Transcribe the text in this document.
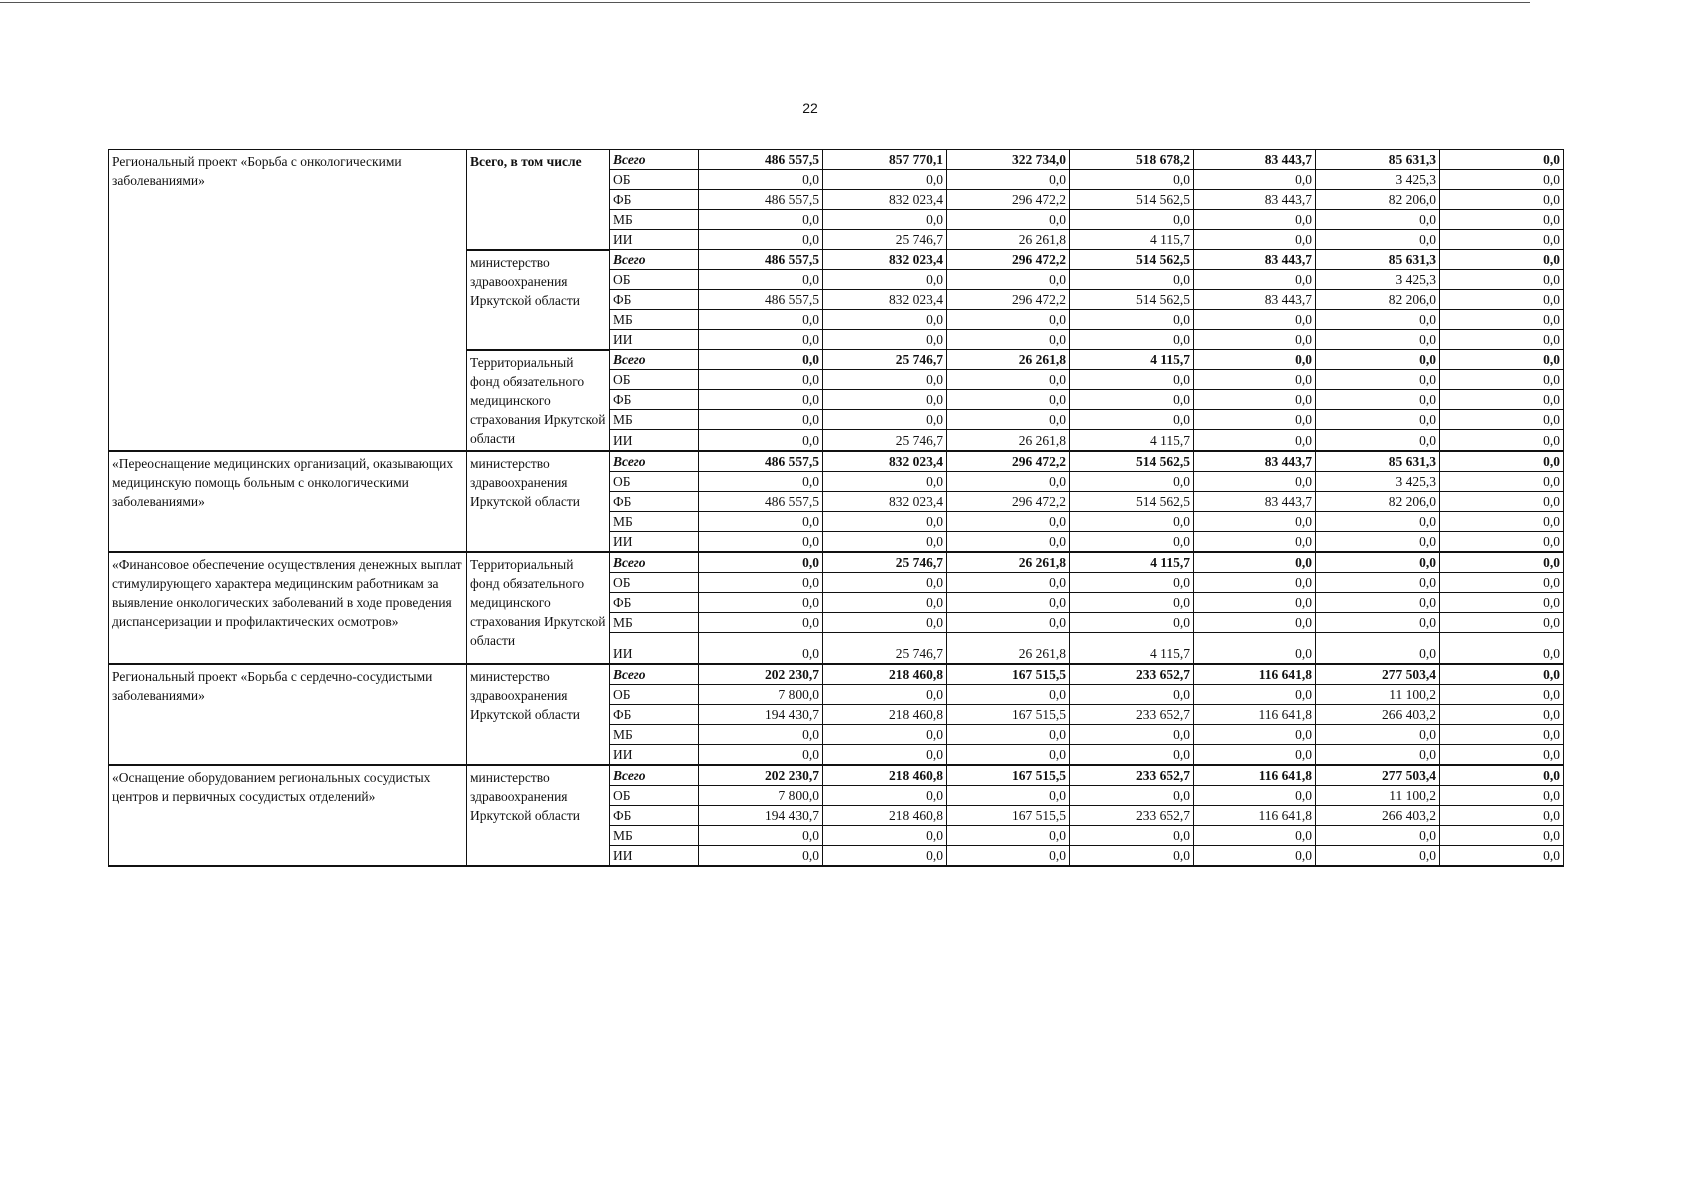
22
Региональный проект «Борьба с онкологическими заболеваниями»	Всего, в том числе	Всего	486 557,5	857 770,1	322 734,0	518 678,2	83 443,7	85 631,3	0,0
		ОБ	0,0	0,0	0,0	0,0	0,0	3 425,3	0,0
		ФБ	486 557,5	832 023,4	296 472,2	514 562,5	83 443,7	82 206,0	0,0
		МБ	0,0	0,0	0,0	0,0	0,0	0,0	0,0
		ИИ	0,0	25 746,7	26 261,8	4 115,7	0,0	0,0	0,0
	министерство здравоохранения Иркутской области	Всего	486 557,5	832 023,4	296 472,2	514 562,5	83 443,7	85 631,3	0,0
		ОБ	0,0	0,0	0,0	0,0	0,0	3 425,3	0,0
		ФБ	486 557,5	832 023,4	296 472,2	514 562,5	83 443,7	82 206,0	0,0
		МБ	0,0	0,0	0,0	0,0	0,0	0,0	0,0
		ИИ	0,0	0,0	0,0	0,0	0,0	0,0	0,0
	Территориальный фонд обязательного медицинского страхования Иркутской области	Всего	0,0	25 746,7	26 261,8	4 115,7	0,0	0,0	0,0
		ОБ	0,0	0,0	0,0	0,0	0,0	0,0	0,0
		ФБ	0,0	0,0	0,0	0,0	0,0	0,0	0,0
		МБ	0,0	0,0	0,0	0,0	0,0	0,0	0,0
		ИИ	0,0	25 746,7	26 261,8	4 115,7	0,0	0,0	0,0
«Переоснащение медицинских организаций, оказывающих медицинскую помощь больным с онкологическими заболеваниями»	министерство здравоохранения Иркутской области	Всего	486 557,5	832 023,4	296 472,2	514 562,5	83 443,7	85 631,3	0,0
		ОБ	0,0	0,0	0,0	0,0	0,0	3 425,3	0,0
		ФБ	486 557,5	832 023,4	296 472,2	514 562,5	83 443,7	82 206,0	0,0
		МБ	0,0	0,0	0,0	0,0	0,0	0,0	0,0
		ИИ	0,0	0,0	0,0	0,0	0,0	0,0	0,0
«Финансовое обеспечение осуществления денежных выплат стимулирующего характера медицинским работникам за выявление онкологических заболеваний в ходе проведения диспансеризации и профилактических осмотров»	Территориальный фонд обязательного медицинского страхования Иркутской области	Всего	0,0	25 746,7	26 261,8	4 115,7	0,0	0,0	0,0
		ОБ	0,0	0,0	0,0	0,0	0,0	0,0	0,0
		ФБ	0,0	0,0	0,0	0,0	0,0	0,0	0,0
		МБ	0,0	0,0	0,0	0,0	0,0	0,0	0,0
		ИИ	0,0	25 746,7	26 261,8	4 115,7	0,0	0,0	0,0
Региональный проект «Борьба с сердечно-сосудистыми заболеваниями»	министерство здравоохранения Иркутской области	Всего	202 230,7	218 460,8	167 515,5	233 652,7	116 641,8	277 503,4	0,0
		ОБ	7 800,0	0,0	0,0	0,0	0,0	11 100,2	0,0
		ФБ	194 430,7	218 460,8	167 515,5	233 652,7	116 641,8	266 403,2	0,0
		МБ	0,0	0,0	0,0	0,0	0,0	0,0	0,0
		ИИ	0,0	0,0	0,0	0,0	0,0	0,0	0,0
«Оснащение оборудованием региональных сосудистых центров и первичных сосудистых отделений»	министерство здравоохранения Иркутской области	Всего	202 230,7	218 460,8	167 515,5	233 652,7	116 641,8	277 503,4	0,0
		ОБ	7 800,0	0,0	0,0	0,0	0,0	11 100,2	0,0
		ФБ	194 430,7	218 460,8	167 515,5	233 652,7	116 641,8	266 403,2	0,0
		МБ	0,0	0,0	0,0	0,0	0,0	0,0	0,0
		ИИ	0,0	0,0	0,0	0,0	0,0	0,0	0,0
